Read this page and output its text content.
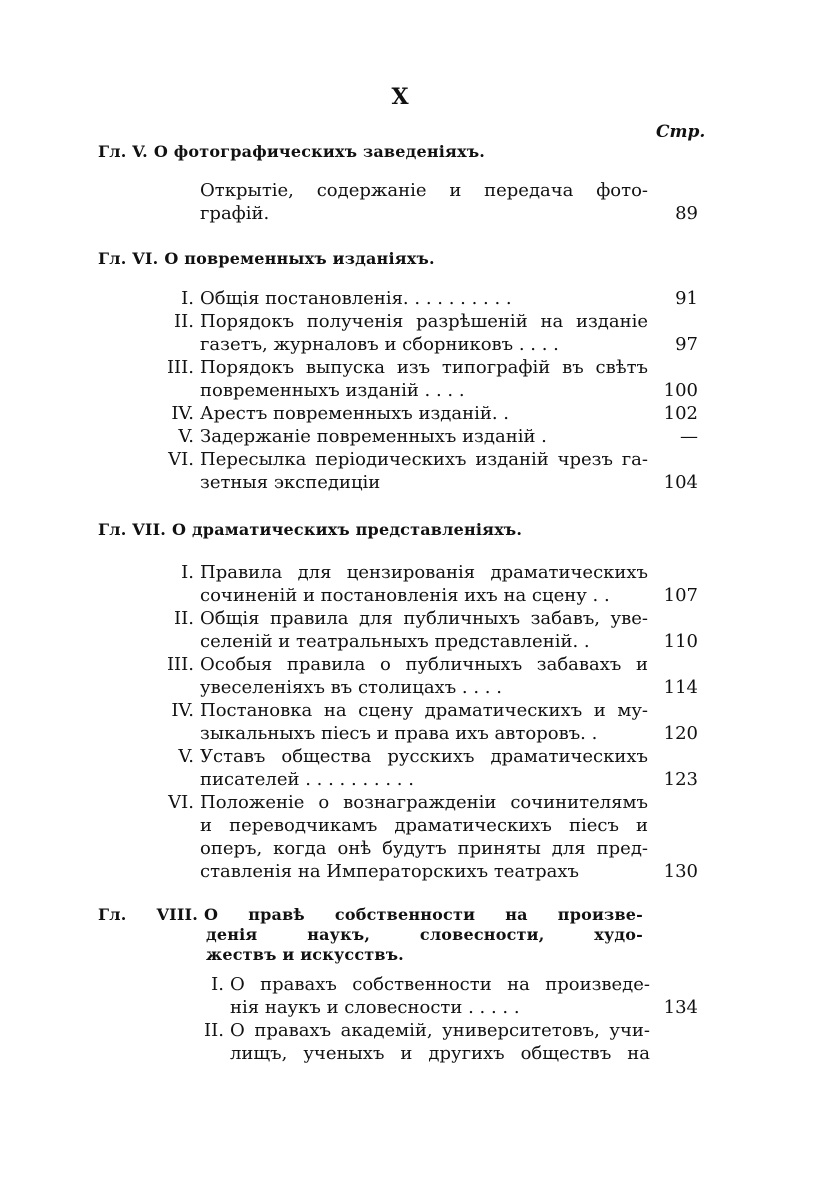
X
Стр.
Гл. V. О фотографическихъ заведеніяхъ.
Открытіе, содержаніе и передача фото-
графій.	89
Гл. VI. О повременныхъ изданіяхъ.
I. Общія постановленія. . . . . . . . . .	91
II. Порядокъ полученія разрѣшеній на изданіе
газетъ, журналовъ и сборниковъ . . . .	97
III. Порядокъ выпуска изъ типографій въ свѣтъ
повременныхъ изданій . . . .	100
IV. Арестъ повременныхъ изданій. .	102
V. Задержаніе повременныхъ изданій .	—
VI. Пересылка періодическихъ изданій чрезъ га-
зетныя экспедиціи	104
Гл. VII. О драматическихъ представленіяхъ.
I. Правила для цензированія драматическихъ
сочиненій и постановленія ихъ на сцену . .	107
II. Общія правила для публичныхъ забавъ, уве-
селеній и театральныхъ представленій. .	110
III. Особыя правила о публичныхъ забавахъ и
увеселеніяхъ въ столицахъ . . . .	114
IV. Постановка на сцену драматическихъ и му-
зыкальныхъ піесъ и права ихъ авторовъ. .	120
V. Уставъ общества русскихъ драматическихъ
писателей . . . . . . . . . .	123
VI. Положеніе о вознагражденіи сочинителямъ
и переводчикамъ драматическихъ піесъ и
оперъ, когда онѣ будутъ приняты для пред-
ставленія на Императорскихъ театрахъ	130
Гл. VIII. О правѣ собственности на произве-
денія наукъ, словесности, худо-
жествъ и искусствъ.
I. О правахъ собственности на произведе-
нія наукъ и словесности . . . . .	134
II. О правахъ академій, университетовъ, учи-
лищъ, ученыхъ и другихъ обществъ на
